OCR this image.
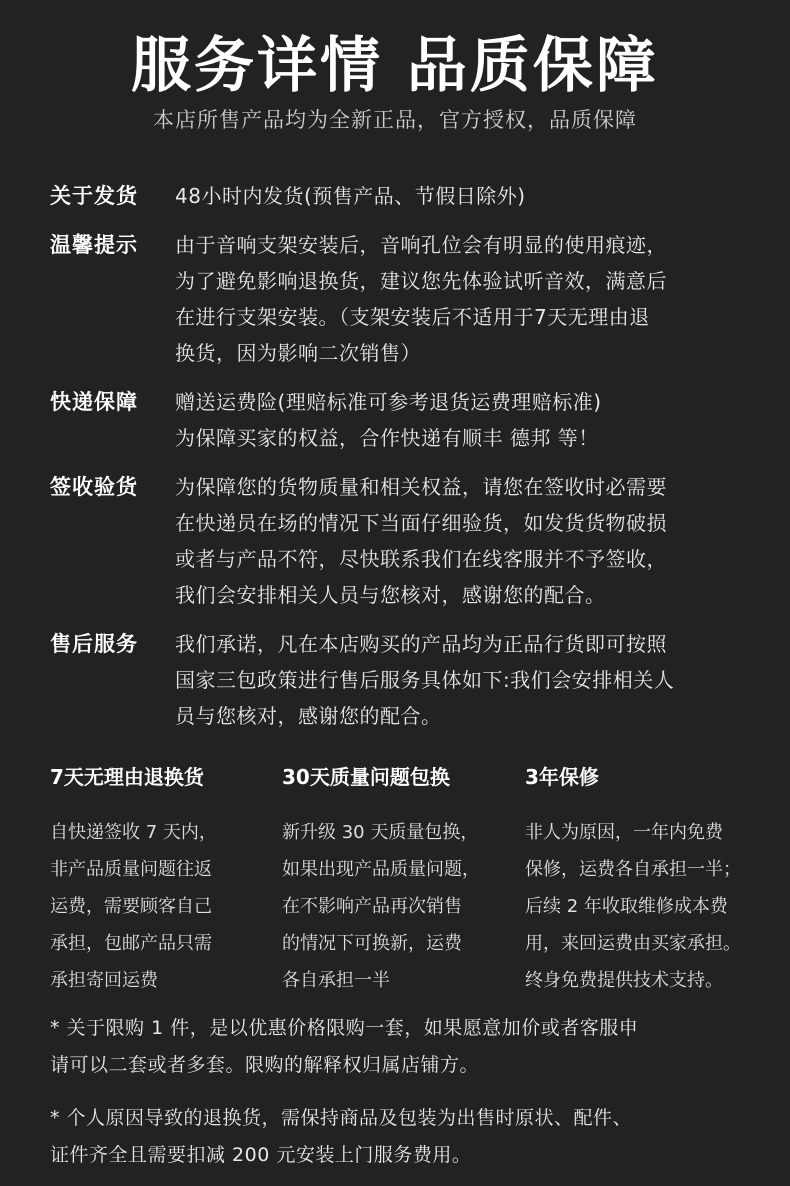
服务详情 品质保障
本店所售产品均为全新正品，官方授权，品质保障
关于发货	48小时内发货(预售产品、节假日除外)
温馨提示	由于音响支架安装后，音响孔位会有明显的使用痕迹，
为了避免影响退换货，建议您先体验试听音效，满意后
在进行支架安装。（支架安装后不适用于7天无理由退
换货，因为影响二次销售）
快递保障	赠送运费险(理赔标准可参考退货运费理赔标准)
为保障买家的权益，合作快递有顺丰 德邦 等！
签收验货	为保障您的货物质量和相关权益，请您在签收时必需要
在快递员在场的情况下当面仔细验货，如发货货物破损
或者与产品不符，尽快联系我们在线客服并不予签收，
我们会安排相关人员与您核对，感谢您的配合。
售后服务	我们承诺，凡在本店购买的产品均为正品行货即可按照
国家三包政策进行售后服务具体如下:我们会安排相关人
员与您核对，感谢您的配合。
7天无理由退换货
自快递签收 7 天内，
非产品质量问题往返
运费，需要顾客自己
承担，包邮产品只需
承担寄回运费
30天质量问题包换
新升级 30 天质量包换，
如果出现产品质量问题，
在不影响产品再次销售
的情况下可换新，运费
各自承担一半
3年保修
非人为原因，一年内免费
保修，运费各自承担一半；
后续 2 年收取维修成本费
用，来回运费由买家承担。
终身免费提供技术支持。
* 关于限购 1 件，是以优惠价格限购一套，如果愿意加价或者客服申
请可以二套或者多套。限购的解释权归属店铺方。
* 个人原因导致的退换货，需保持商品及包装为出售时原状、配件、
证件齐全且需要扣减 200 元安装上门服务费用。
